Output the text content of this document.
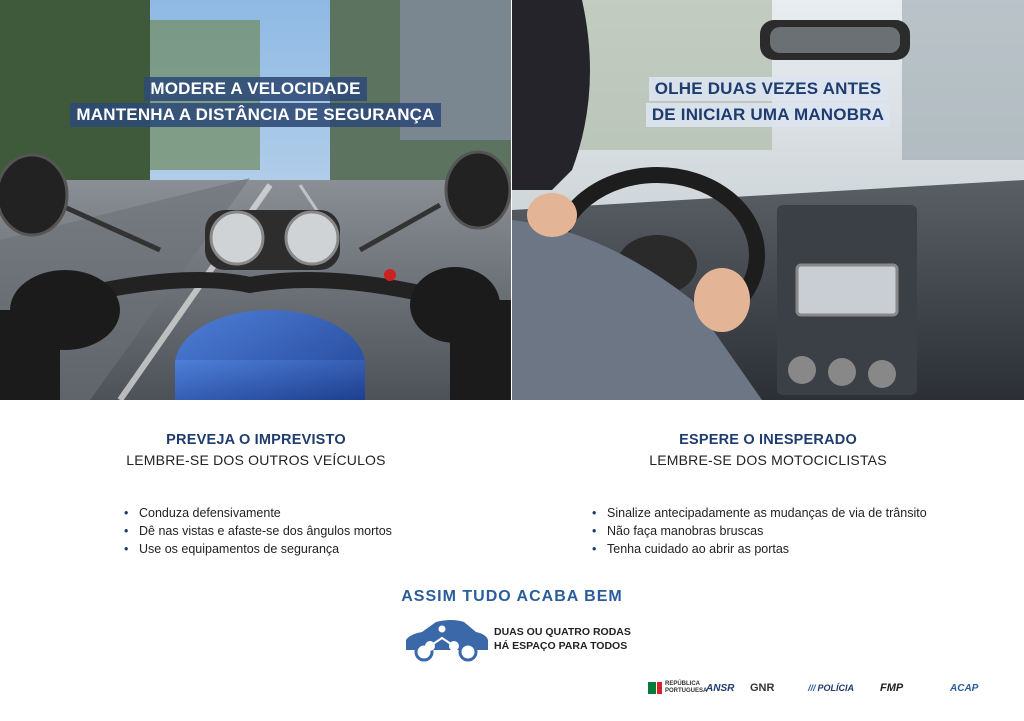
MODERE A VELOCIDADE
MANTENHA A DISTÂNCIA DE SEGURANÇA
OLHE DUAS VEZES ANTES
DE INICIAR UMA MANOBRA
PREVEJA O IMPREVISTO
LEMBRE-SE DOS OUTROS VEÍCULOS
• Conduza defensivamente
• Dê nas vistas e afaste-se dos ângulos mortos
• Use os equipamentos de segurança
ESPERE O INESPERADO
LEMBRE-SE DOS MOTOCICLISTAS
• Sinalize antecipadamente as mudanças de via de trânsito
• Não faça manobras bruscas
• Tenha cuidado ao abrir as portas
ASSIM TUDO ACABA BEM
DUAS OU QUATRO RODAS
HÁ ESPAÇO PARA TODOS
REPÚBLICA
PORTUGUESA
ANSR GNR	/// POLÍCIA FMP	ACAP
